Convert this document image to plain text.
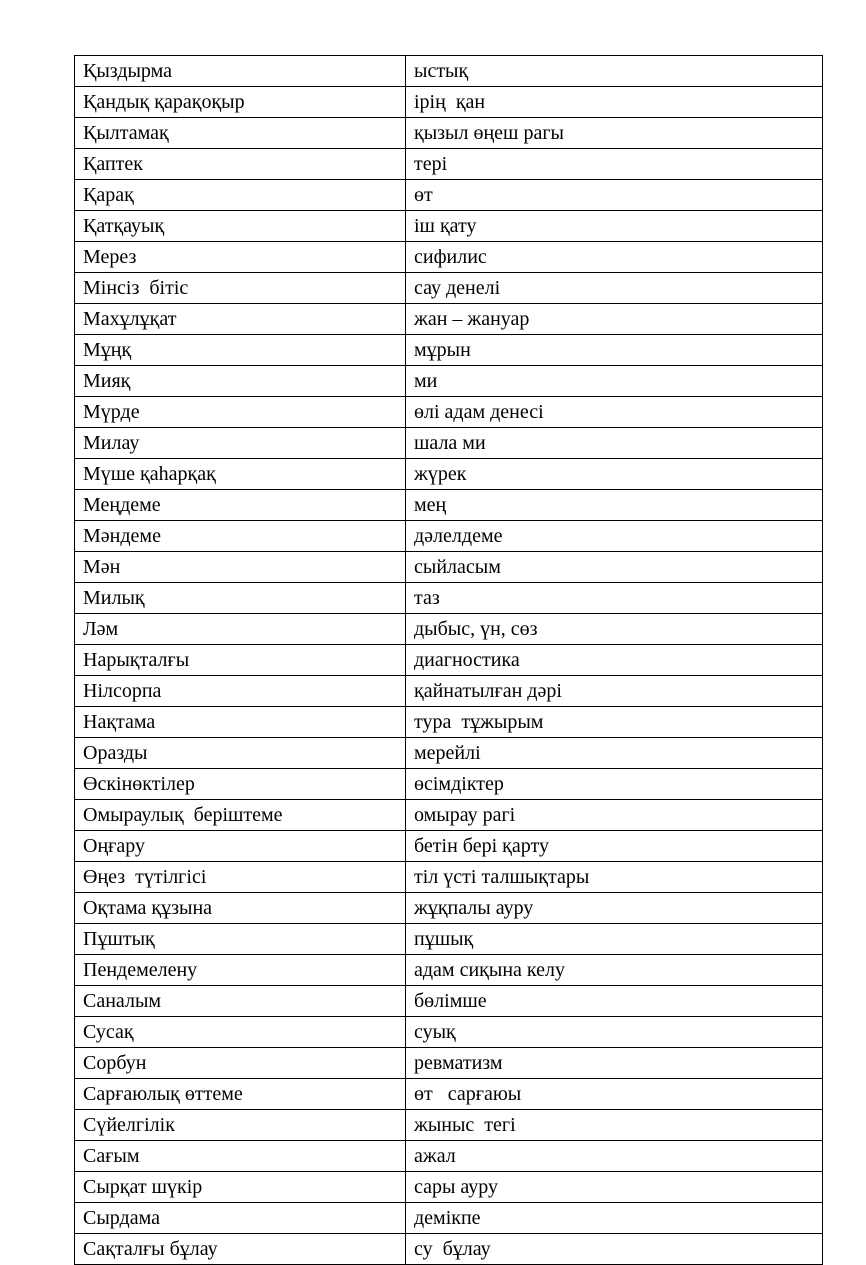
Қыздырма	ыстық
Қандық қарақоқыр	ірің  қан
Қылтамақ	қызыл өңеш рагы
Қаптек	тері
Қарақ	өт
Қатқауық	іш қату
Мерез	сифилис
Мінсіз  бітіс	сау денелі
Махұлұқат	жан – жануар
Мұңқ	мұрын
Мияқ	ми
Мүрде	өлі адам денесі
Милау	шала ми
Мүше қаһарқақ	жүрек
Меңдеме	мең
Мәндеме	дәлелдеме
Мән	сыйласым
Милық	таз
Ләм	дыбыс, үн, сөз
Нарықталғы	диагностика
Нілсорпа	қайнатылған дәрі
Нақтама	тура  тұжырым
Оразды	мерейлі
Өскінөктілер	өсімдіктер
Омыраулық  беріштеме	омырау рагі
Оңғару	бетін бері қарту
Өңез  түтілгісі	тіл үсті талшықтары
Оқтама құзына	жұқпалы ауру
Пұштық	пұшық
Пендемелену	адам сиқына келу
Саналым	бөлімше
Сусақ	суық
Сорбун	ревматизм
Сарғаюлық өттеме	өт   сарғаюы
Сүйелгілік	жыныс  тегі
Сағым	ажал
Сырқат шүкір	сары ауру
Сырдама	демікпе
Сақталғы бұлау	су  бұлау
